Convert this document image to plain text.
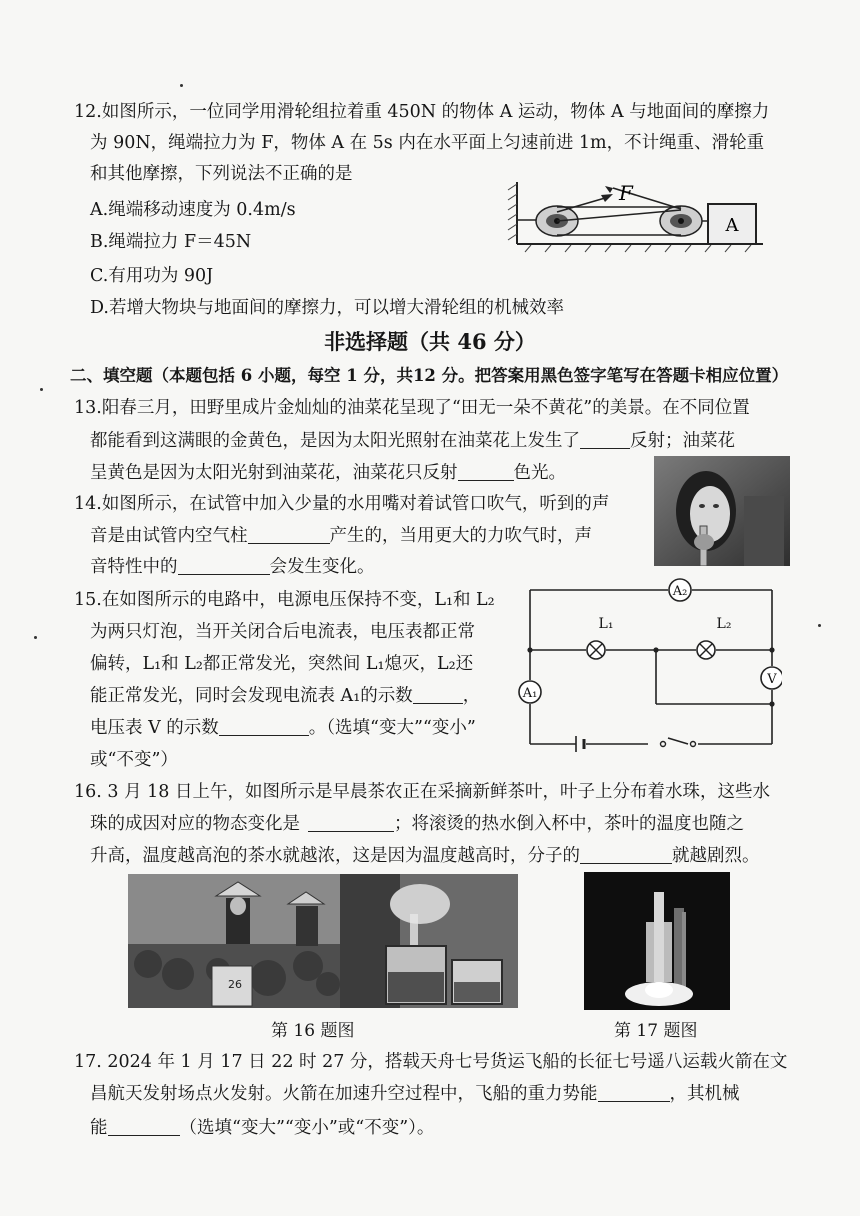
12.如图所示，一位同学用滑轮组拉着重 450N 的物体 A 运动，物体 A 与地面间的摩擦力
为 90N，绳端拉力为 F，物体 A 在 5s 内在水平面上匀速前进 1m，不计绳重、滑轮重
和其他摩擦，下列说法不正确的是
A.绳端移动速度为 0.4m/s
B.绳端拉力 F＝45N
C.有用功为 90J
D.若增大物块与地面间的摩擦力，可以增大滑轮组的机械效率
F
A
非选择题（共 46 分）
二、填空题（本题包括 6 小题，每空 1 分，共12 分。把答案用黑色签字笔写在答题卡相应位置）
13.阳春三月，田野里成片金灿灿的油菜花呈现了“田无一朵不黄花”的美景。在不同位置
都能看到这满眼的金黄色，是因为太阳光照射在油菜花上发生了	反射；油菜花
呈黄色是因为太阳光射到油菜花，油菜花只反射	色光。
14.如图所示，在试管中加入少量的水用嘴对着试管口吹气，听到的声
音是由试管内空气柱	产生的，当用更大的力吹气时，声
音特性中的	会发生变化。
15.在如图所示的电路中，电源电压保持不变，L₁和 L₂
为两只灯泡，当开关闭合后电流表，电压表都正常
偏转，L₁和 L₂都正常发光，突然间 L₁熄灭，L₂还
能正常发光，同时会发现电流表 A₁的示数	，
电压表 V 的示数	。（选填“变大”“变小”
或“不变”）
A₂
A₁
V
L₁	L₂
16. 3 月 18 日上午，如图所示是早晨茶农正在采摘新鲜茶叶，叶子上分布着水珠，这些水
珠的成因对应的物态变化是	；将滚烫的热水倒入杯中，茶叶的温度也随之
升高，温度越高泡的茶水就越浓，这是因为温度越高时，分子的	就越剧烈。
26
第 16 题图	第 17 题图
17. 2024 年 1 月 17 日 22 时 27 分，搭载天舟七号货运飞船的长征七号遥八运载火箭在文
昌航天发射场点火发射。火箭在加速升空过程中，飞船的重力势能	，其机械
能	（选填“变大”“变小”或“不变”）。
